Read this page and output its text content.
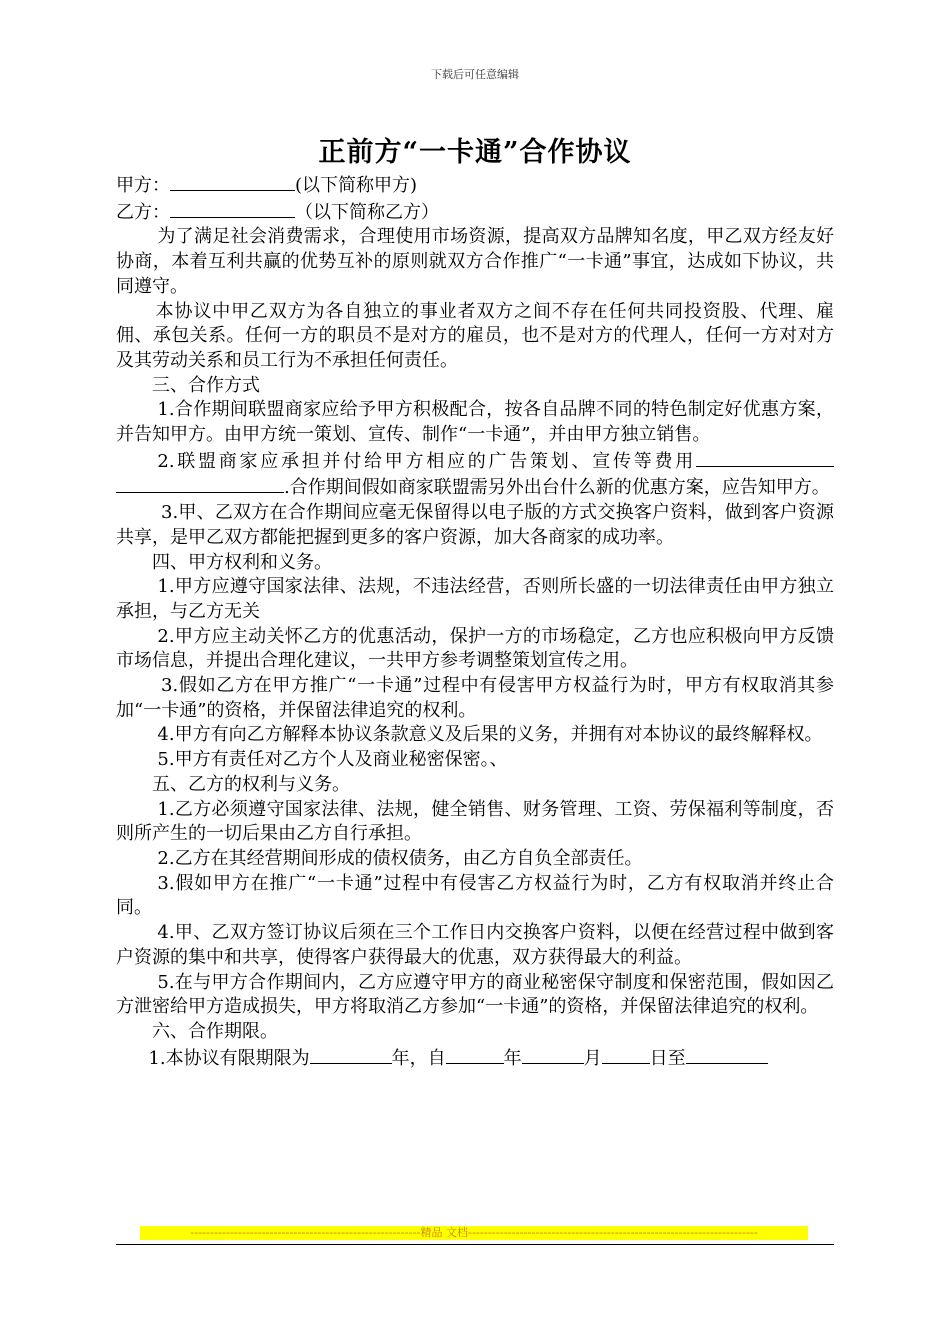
下载后可任意编辑
正前方“一卡通”合作协议

甲方：	(以下简称甲方)

乙方：	（以下简称乙方）

为了满足社会消费需求，合理使用市场资源，提高双方品牌知名度，甲乙双方经友好协商，本着互利共赢的优势互补的原则就双方合作推广“一卡通”事宜，达成如下协议，共同遵守。

本协议中甲乙双方为各自独立的事业者双方之间不存在任何共同投资股、代理、雇佣、承包关系。任何一方的职员不是对方的雇员，也不是对方的代理人，任何一方对对方及其劳动关系和员工行为不承担任何责任。

三、合作方式

1.合作期间联盟商家应给予甲方积极配合，按各自品牌不同的特色制定好优惠方案，并告知甲方。由甲方统一策划、宣传、制作“一卡通”，并由甲方独立销售。

2.联盟商家应承担并付给甲方相应的广告策划、宣传等费用.合作期间假如商家联盟需另外出台什么新的优惠方案，应告知甲方。

3.甲、乙双方在合作期间应毫无保留得以电子版的方式交换客户资料，做到客户资源共享，是甲乙双方都能把握到更多的客户资源，加大各商家的成功率。

四、甲方权利和义务。

1.甲方应遵守国家法律、法规，不违法经营，否则所长盛的一切法律责任由甲方独立承担，与乙方无关

2.甲方应主动关怀乙方的优惠活动，保护一方的市场稳定，乙方也应积极向甲方反馈市场信息，并提出合理化建议，一共甲方参考调整策划宣传之用。

3.假如乙方在甲方推广“一卡通”过程中有侵害甲方权益行为时，甲方有权取消其参加“一卡通”的资格，并保留法律追究的权利。

4.甲方有向乙方解释本协议条款意义及后果的义务，并拥有对本协议的最终解释权。

5.甲方有责任对乙方个人及商业秘密保密。、

五、乙方的权利与义务。

1.乙方必须遵守国家法律、法规，健全销售、财务管理、工资、劳保福利等制度，否则所产生的一切后果由乙方自行承担。

2.乙方在其经营期间形成的债权债务，由乙方自负全部责任。

3.假如甲方在推广“一卡通”过程中有侵害乙方权益行为时，乙方有权取消并终止合同。

4.甲、乙双方签订协议后须在三个工作日内交换客户资料，以便在经营过程中做到客户资源的集中和共享，使得客户获得最大的优惠，双方获得最大的利益。

5.在与甲方合作期间内，乙方应遵守甲方的商业秘密保守制度和保密范围，假如因乙方泄密给甲方造成损失，甲方将取消乙方参加“一卡通”的资格，并保留法律追究的权利。

六、合作期限。

1.本协议有限期限为	年，自	年	月	日至

----------------------------------------------------------精品 文档-------------------------------------------------------------------------
